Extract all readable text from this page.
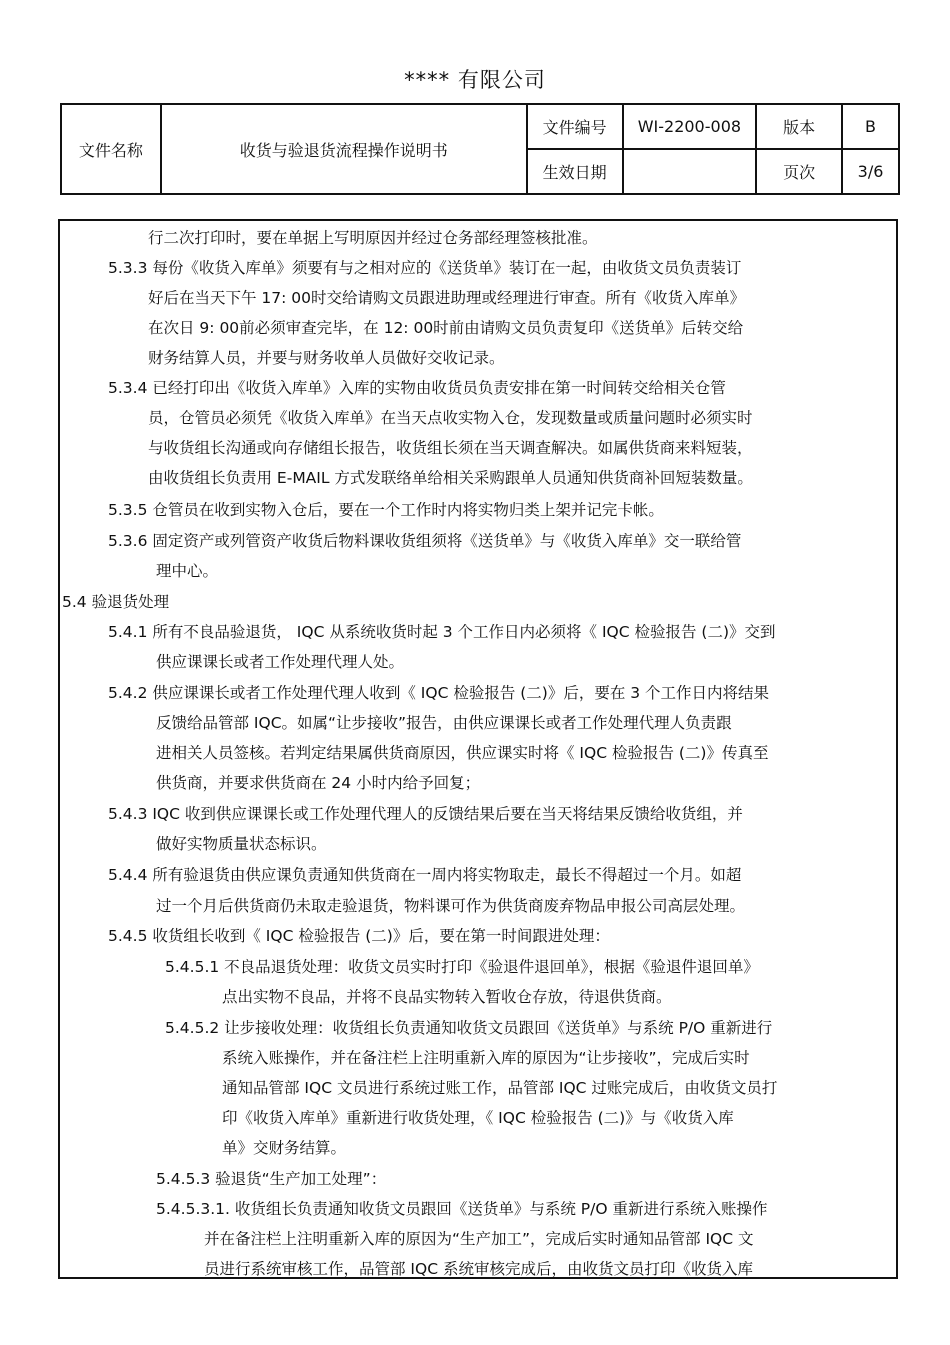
**** 有限公司
文件名称	收货与验退货流程操作说明书	文件编号	WI-2200-008	版本	B
		生效日期		页次	3/6
行二次打印时，要在单据上写明原因并经过仓务部经理签核批准。
5.3.3 每份《收货入库单》须要有与之相对应的《送货单》装订在一起，由收货文员负责装订
好后在当天下午 17: 00时交给请购文员跟进助理或经理进行审查。所有《收货入库单》
在次日 9: 00前必须审查完毕，在 12: 00时前由请购文员负责复印《送货单》后转交给
财务结算人员，并要与财务收单人员做好交收记录。
5.3.4 已经打印出《收货入库单》入库的实物由收货员负责安排在第一时间转交给相关仓管
员，仓管员必须凭《收货入库单》在当天点收实物入仓，发现数量或质量问题时必须实时
与收货组长沟通或向存储组长报告，收货组长须在当天调查解决。如属供货商来料短装，
由收货组长负责用 E-MAIL 方式发联络单给相关采购跟单人员通知供货商补回短装数量。
5.3.5 仓管员在收到实物入仓后，要在一个工作时内将实物归类上架并记完卡帐。
5.3.6 固定资产或列管资产收货后物料课收货组须将《送货单》与《收货入库单》交一联给管
理中心。
5.4 验退货处理
5.4.1 所有不良品验退货， IQC 从系统收货时起 3 个工作日内必须将《 IQC 检验报告 (二)》交到
供应课课长或者工作处理代理人处。
5.4.2 供应课课长或者工作处理代理人收到《 IQC 检验报告 (二)》后，要在 3 个工作日内将结果
反馈给品管部 IQC。如属“让步接收”报告，由供应课课长或者工作处理代理人负责跟
进相关人员签核。若判定结果属供货商原因，供应课实时将《 IQC 检验报告 (二)》传真至
供货商，并要求供货商在 24 小时内给予回复；
5.4.3 IQC 收到供应课课长或工作处理代理人的反馈结果后要在当天将结果反馈给收货组，并
做好实物质量状态标识。
5.4.4 所有验退货由供应课负责通知供货商在一周内将实物取走，最长不得超过一个月。如超
过一个月后供货商仍未取走验退货，物料课可作为供货商废弃物品申报公司高层处理。
5.4.5 收货组长收到《 IQC 检验报告 (二)》后，要在第一时间跟进处理：
5.4.5.1 不良品退货处理：收货文员实时打印《验退件退回单》，根据《验退件退回单》
点出实物不良品，并将不良品实物转入暂收仓存放，待退供货商。
5.4.5.2 让步接收处理：收货组长负责通知收货文员跟回《送货单》与系统 P/O 重新进行
系统入账操作，并在备注栏上注明重新入库的原因为“让步接收”，完成后实时
通知品管部 IQC 文员进行系统过账工作，品管部 IQC 过账完成后，由收货文员打
印《收货入库单》重新进行收货处理，《 IQC 检验报告 (二)》与《收货入库
单》交财务结算。
5.4.5.3 验退货“生产加工处理”：
5.4.5.3.1. 收货组长负责通知收货文员跟回《送货单》与系统 P/O 重新进行系统入账操作
并在备注栏上注明重新入库的原因为“生产加工”，完成后实时通知品管部 IQC 文
员进行系统审核工作，品管部 IQC 系统审核完成后，由收货文员打印《收货入库
